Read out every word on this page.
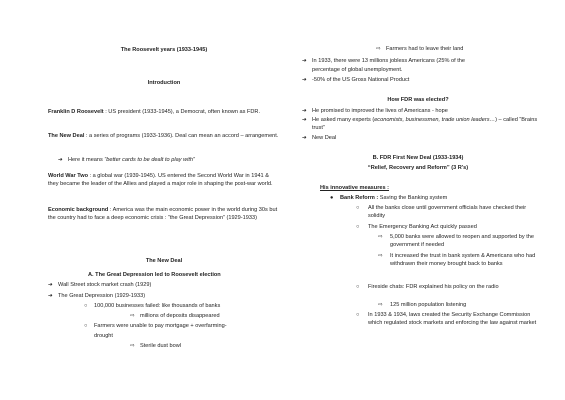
The Roosevelt years (1933-1945)
Introduction
Franklin D Roosevelt : US president (1933-1945), a Democrat, often known as FDR.
The New Deal : a series of programs (1933-1936). Deal can mean an accord – arrangement.
➔ Here it means “better cards to be dealt to play with”
World War Two : a global war (1939-1945). US entered the Second World War in 1941 & they became the leader of the Allies and played a major role in shaping the post-war world.
Economic background : America was the main economic power in the world during 30s but the country had to face a deep economic crisis : “the Great Depression” (1929-1933)
The New Deal
A. The Great Depression led to Roosevelt election
➔ Wall Street stock market crash (1929)
➔ The Great Depression (1929-1933)
○ 100,000 businesses failed: like thousands of banks
⇨ millions of deposits disappeared
○ Farmers were unable to pay mortgage + overfarming-
drought
⇨ Sterile dust bowl
⇨ Farmers had to leave their land
➔ In 1933, there were 13 millions jobless Americans (25% of the
percentage of global unemployment.
➔ -50% of the US Gross National Product
How FDR was elected?
➔ He promised to improved the lives of Americans - hope
➔ He asked many experts (economists, businessmen, trade union leaders…) – called “Brains trust”
➔ New Deal
B. FDR First New Deal (1933-1934)
“Relief, Recovery and Reform” (3 R’s)
His innovative measures :
● Bank Reform : Saving the Banking system
○ All the banks close until government officials have checked their solidity
○ The Emergency Banking Act quickly passed
⇨ 5,000 banks were allowed to reopen and supported by the government if needed
⇨ It increased the trust in bank system & Americans who had withdrawn their money brought back to banks
○ Fireside chats: FDR explained his policy on the radio
⇨ 125 million population listening
○ In 1933 & 1934, laws created the Security Exchange Commission which regulated stock markets and enforcing the law against market
